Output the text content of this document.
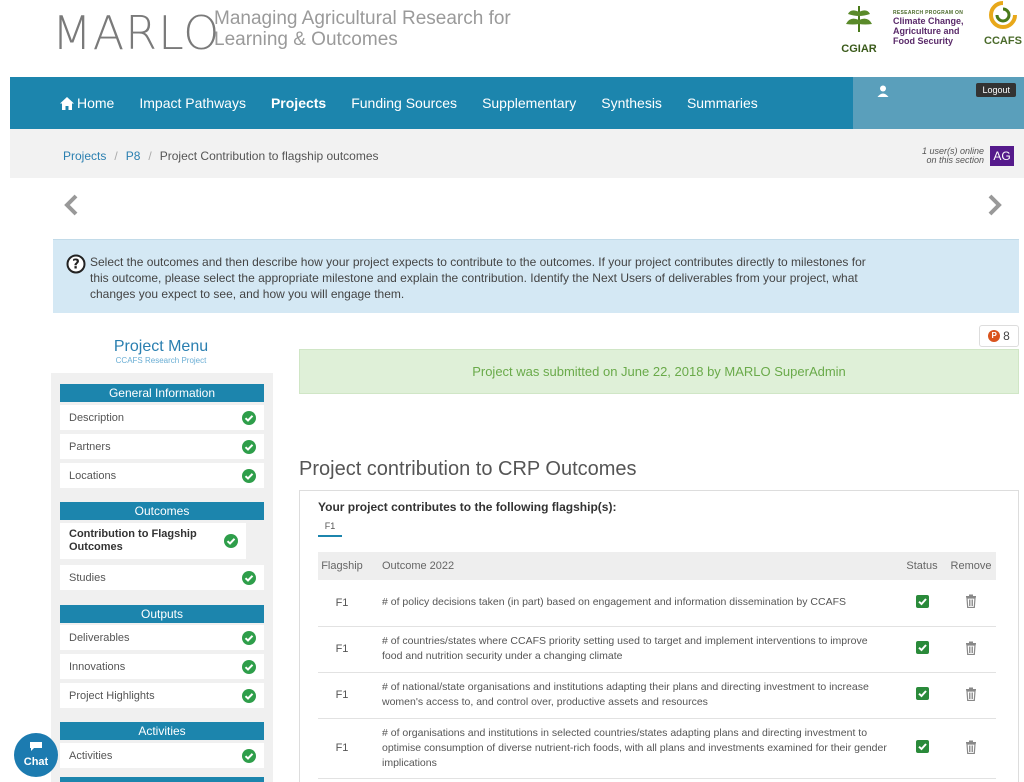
MARLO
Managing Agricultural Research for
Learning & Outcomes	CGIAR
RESEARCH PROGRAM ON
Climate Change,
Agriculture and
Food Security	CCAFS
Home Impact Pathways Projects Funding Sources Supplementary Synthesis Summaries
Logout
Projects / P8 / Project Contribution to flagship outcomes	1 user(s) online
on this section AG
? Select the outcomes and then describe how your project expects to contribute to the outcomes. If your project contributes directly to milestones for this outcome, please select the appropriate milestone and explain the contribution. Identify the Next Users of deliverables from your project, what changes you expect to see, and how you will engage them.
Project Menu
CCAFS Research Project
General Information
Description
Partners
Locations
Outcomes
Contribution to Flagship Outcomes
Studies
Outputs
Deliverables
Innovations
Project Highlights
Activities
Activities
Chat
P 8
Project was submitted on June 22, 2018 by MARLO SuperAdmin
Project contribution to CRP Outcomes
Your project contributes to the following flagship(s):
F1
Flagship	Outcome 2022	Status	Remove
F1	# of policy decisions taken (in part) based on engagement and information dissemination by CCAFS		
F1	# of countries/states where CCAFS priority setting used to target and implement interventions to improve food and nutrition security under a changing climate		
F1	# of national/state organisations and institutions adapting their plans and directing investment to increase women's access to, and control over, productive assets and resources		
F1	# of organisations and institutions in selected countries/states adapting plans and directing investment to optimise consumption of diverse nutrient-rich foods, with all plans and investments examined for their gender implications		
